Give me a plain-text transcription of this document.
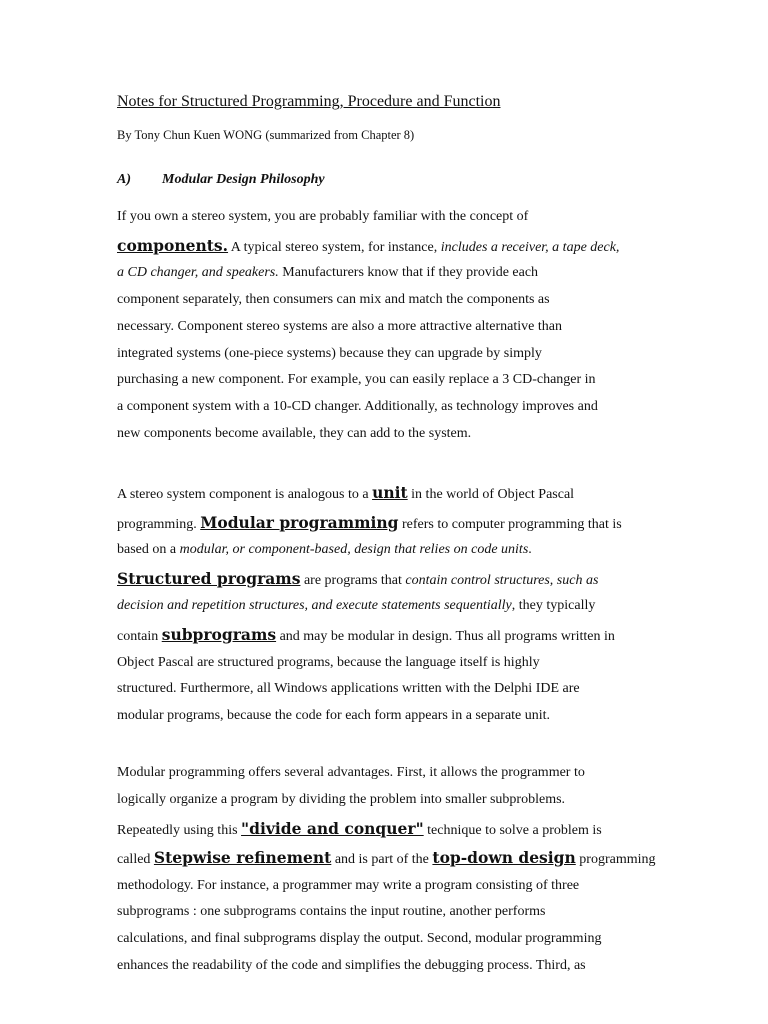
Notes for Structured Programming, Procedure and Function
By Tony Chun Kuen WONG (summarized from Chapter 8)
A) Modular Design Philosophy
If you own a stereo system, you are probably familiar with the concept of
components. A typical stereo system, for instance, includes a receiver, a tape deck,
a CD changer, and speakers. Manufacturers know that if they provide each
component separately, then consumers can mix and match the components as
necessary. Component stereo systems are also a more attractive alternative than
integrated systems (one-piece systems) because they can upgrade by simply
purchasing a new component. For example, you can easily replace a 3 CD-changer in
a component system with a 10-CD changer. Additionally, as technology improves and
new components become available, they can add to the system.
A stereo system component is analogous to a unit in the world of Object Pascal
programming. Modular programming refers to computer programming that is
based on a modular, or component-based, design that relies on code units.
Structured programs are programs that contain control structures, such as
decision and repetition structures, and execute statements sequentially, they typically
contain subprograms and may be modular in design. Thus all programs written in
Object Pascal are structured programs, because the language itself is highly
structured. Furthermore, all Windows applications written with the Delphi IDE are
modular programs, because the code for each form appears in a separate unit.
Modular programming offers several advantages. First, it allows the programmer to
logically organize a program by dividing the problem into smaller subproblems.
Repeatedly using this "divide and conquer" technique to solve a problem is
called Stepwise refinement and is part of the top-down design programming
methodology. For instance, a programmer may write a program consisting of three
subprograms : one subprograms contains the input routine, another performs
calculations, and final subprograms display the output. Second, modular programming
enhances the readability of the code and simplifies the debugging process. Third, as
